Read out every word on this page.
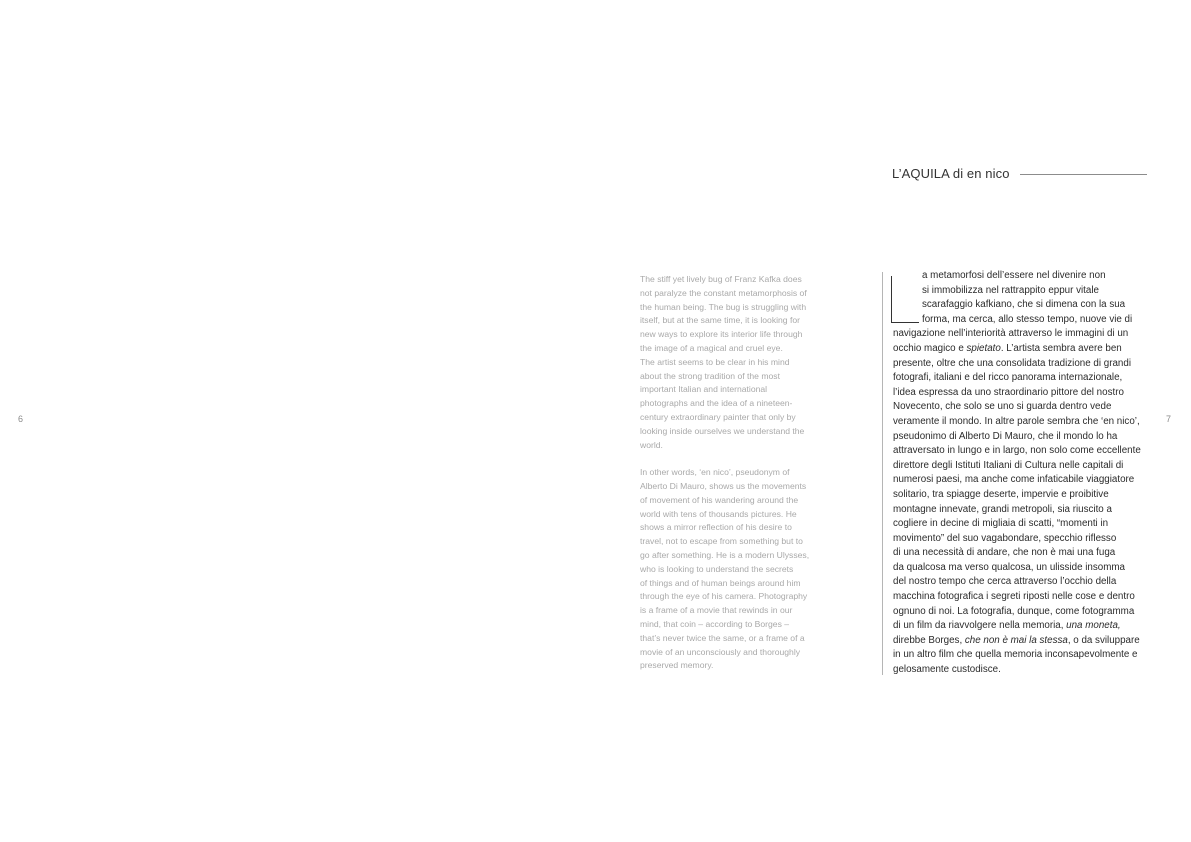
6	7
The stiff yet lively bug of Franz Kafka does
not paralyze the constant metamorphosis of
the human being. The bug is struggling with
itself, but at the same time, it is looking for
new ways to explore its interior life through
the image of a magical and cruel eye.
The artist seems to be clear in his mind
about the strong tradition of the most
important Italian and international
photographs and the idea of a nineteen-
century extraordinary painter that only by
looking inside ourselves we understand the
world.
In other words, ‘en nico’, pseudonym of
Alberto Di Mauro, shows us the movements
of movement of his wandering around the
world with tens of thousands pictures. He
shows a mirror reflection of his desire to
travel, not to escape from something but to
go after something. He is a modern Ulysses,
who is looking to understand the secrets
of things and of human beings around him
through the eye of his camera. Photography
is a frame of a movie that rewinds in our
mind, that coin – according to Borges –
that’s never twice the same, or a frame of a
movie of an unconsciously and thoroughly
preserved memory.
L’AQUILA di en nico
a metamorfosi dell’essere nel divenire non
si immobilizza nel rattrappito eppur vitale
scarafaggio kafkiano, che si dimena con la sua
forma, ma cerca, allo stesso tempo, nuove vie di
navigazione nell’interiorità attraverso le immagini di un
occhio magico e spietato. L’artista sembra avere ben
presente, oltre che una consolidata tradizione di grandi
fotografi, italiani e del ricco panorama internazionale,
l’idea espressa da uno straordinario pittore del nostro
Novecento, che solo se uno si guarda dentro vede
veramente il mondo. In altre parole sembra che ‘en nico’,
pseudonimo di Alberto Di Mauro, che il mondo lo ha
attraversato in lungo e in largo, non solo come eccellente
direttore degli Istituti Italiani di Cultura nelle capitali di
numerosi paesi, ma anche come infaticabile viaggiatore
solitario, tra spiagge deserte, impervie e proibitive
montagne innevate, grandi metropoli, sia riuscito a
cogliere in decine di migliaia di scatti, “momenti in
movimento” del suo vagabondare, specchio riflesso
di una necessità di andare, che non è mai una fuga
da qualcosa ma verso qualcosa, un ulisside insomma
del nostro tempo che cerca attraverso l’occhio della
macchina fotografica i segreti riposti nelle cose e dentro
ognuno di noi. La fotografia, dunque, come fotogramma
di un film da riavvolgere nella memoria, una moneta,
direbbe Borges, che non è mai la stessa, o da sviluppare
in un altro film che quella memoria inconsapevolmente e
gelosamente custodisce.
